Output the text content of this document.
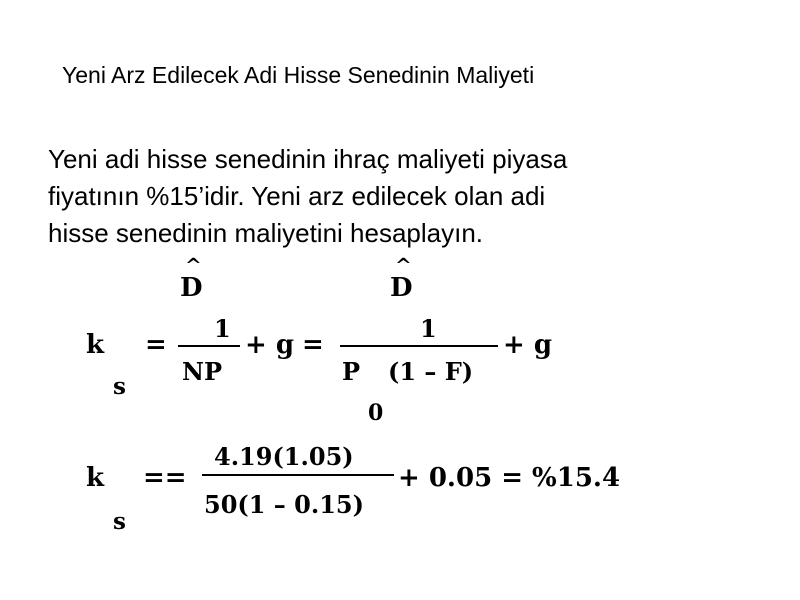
Yeni Arz Edilecek Adi Hisse Senedinin Maliyeti
Yeni adi hisse senedinin ihraç maliyeti piyasa
fiyatının %15’idir. Yeni arz edilecek olan adi
hisse senedinin maliyetini hesaplayın.
k
s
=
D
^
1
NP
+ g =
D
^
1
P (1 – F)
0
+ g
k
s
==
4.19(1.05)
50(1 – 0.15)
+ 0.05 = %15.4
